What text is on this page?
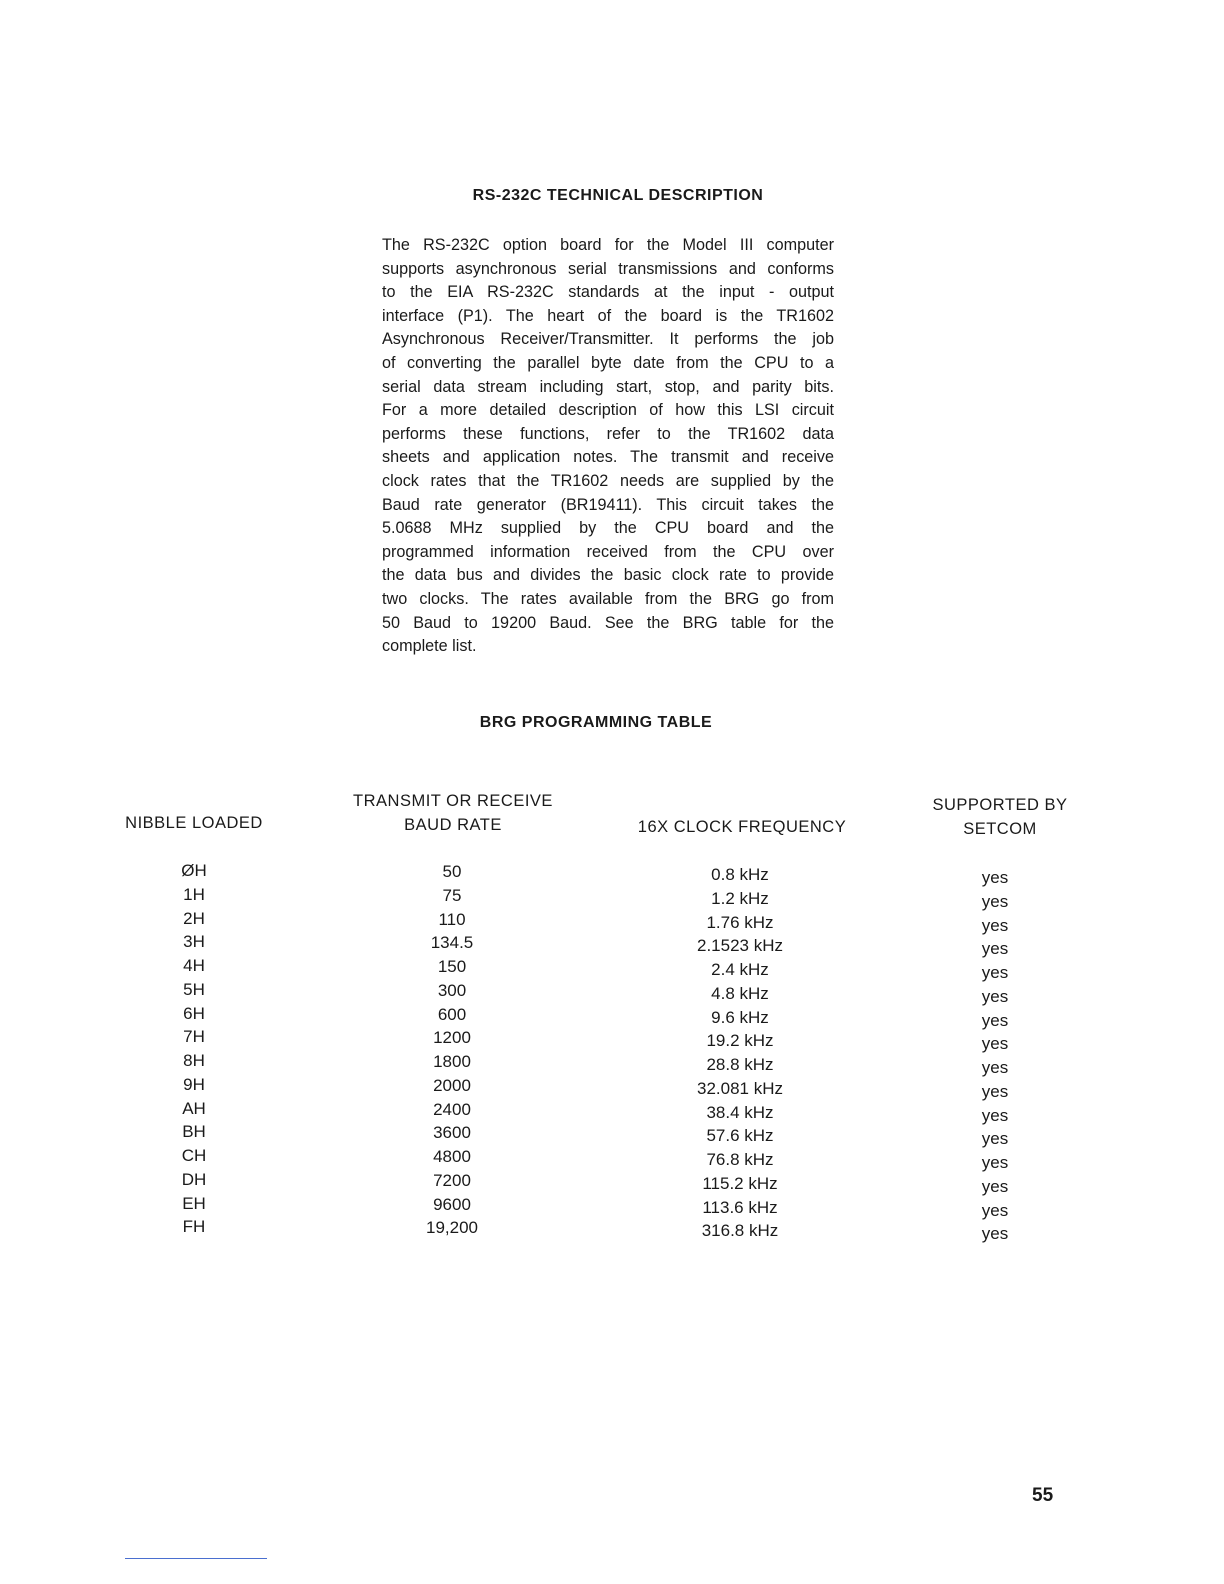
RS-232C TECHNICAL DESCRIPTION
The RS-232C option board for the Model III computer
supports asynchronous serial transmissions and conforms
to the EIA RS-232C standards at the input - output
interface (P1). The heart of the board is the TR1602
Asynchronous Receiver/Transmitter. It performs the job
of converting the parallel byte date from the CPU to a
serial data stream including start, stop, and parity bits.
For a more detailed description of how this LSI circuit
performs these functions, refer to the TR1602 data
sheets and application notes. The transmit and receive
clock rates that the TR1602 needs are supplied by the
Baud rate generator (BR19411). This circuit takes the
5.0688 MHz supplied by the CPU board and the
programmed information received from the CPU over
the data bus and divides the basic clock rate to provide
two clocks. The rates available from the BRG go from
50 Baud to 19200 Baud. See the BRG table for the
complete list.
BRG PROGRAMMING TABLE
NIBBLE LOADED
TRANSMIT OR RECEIVE
BAUD RATE	16X CLOCK FREQUENCY
SUPPORTED BY
SETCOM
ØH
1H
2H
3H
4H
5H
6H
7H
8H
9H
AH
BH
CH
DH
EH
FH
50
75
110
134.5
150
300
600
1200
1800
2000
2400
3600
4800
7200
9600
19,200
0.8 kHz
1.2 kHz
1.76 kHz
2.1523 kHz
2.4 kHz
4.8 kHz
9.6 kHz
19.2 kHz
28.8 kHz
32.081 kHz
38.4 kHz
57.6 kHz
76.8 kHz
115.2 kHz
113.6 kHz
316.8 kHz
yes
yes
yes
yes
yes
yes
yes
yes
yes
yes
yes
yes
yes
yes
yes
yes
55
